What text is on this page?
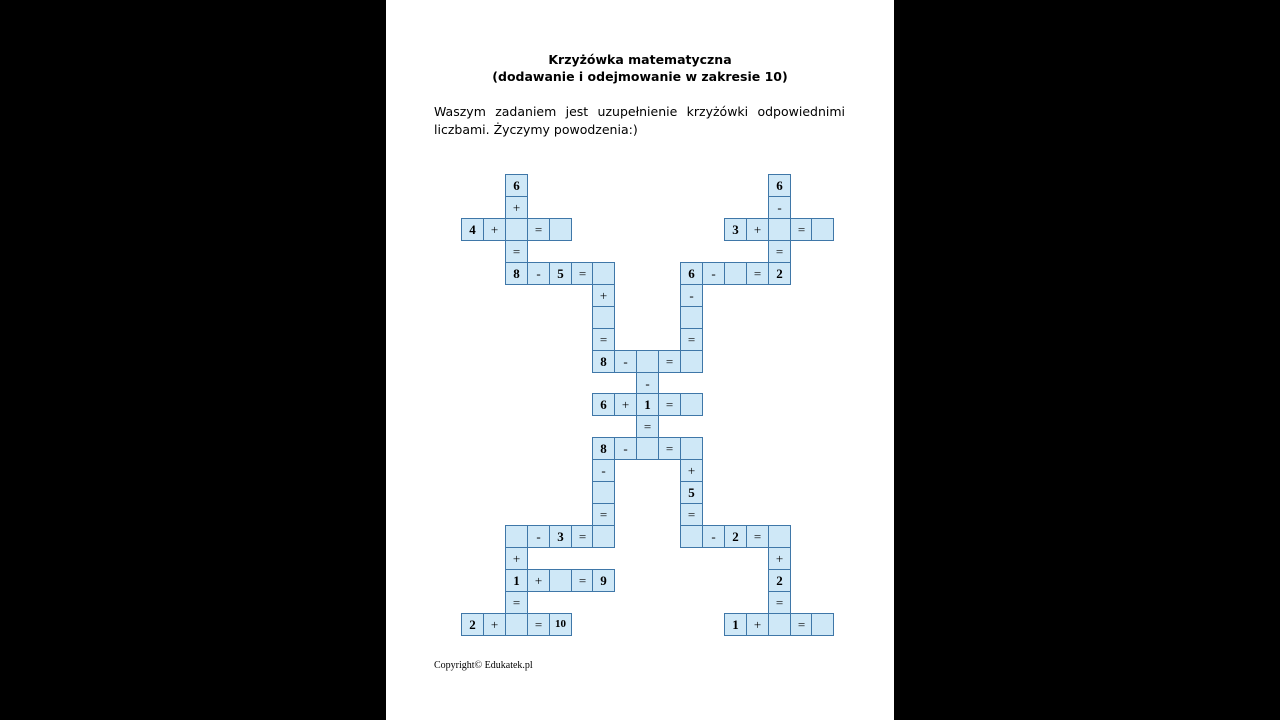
Krzyżówka matematyczna
(dodawanie i odejmowanie w zakresie 10)
Waszym zadaniem jest uzupełnienie krzyżówki odpowiednimi liczbami. Życzymy powodzenia:)
6	6
+	-
4	+	=	3	+	=
=	=
8	-	5	=	6	-	=	2
+	-
=	=
8	-	=
-
6	+	1	=
=
8	-	=
-	+
5
=	=
-	3	=	-	2	=
+	+
1	+	=	9	2
=	=
2	+	=	10	1	+	=
Copyright© Edukatek.pl
